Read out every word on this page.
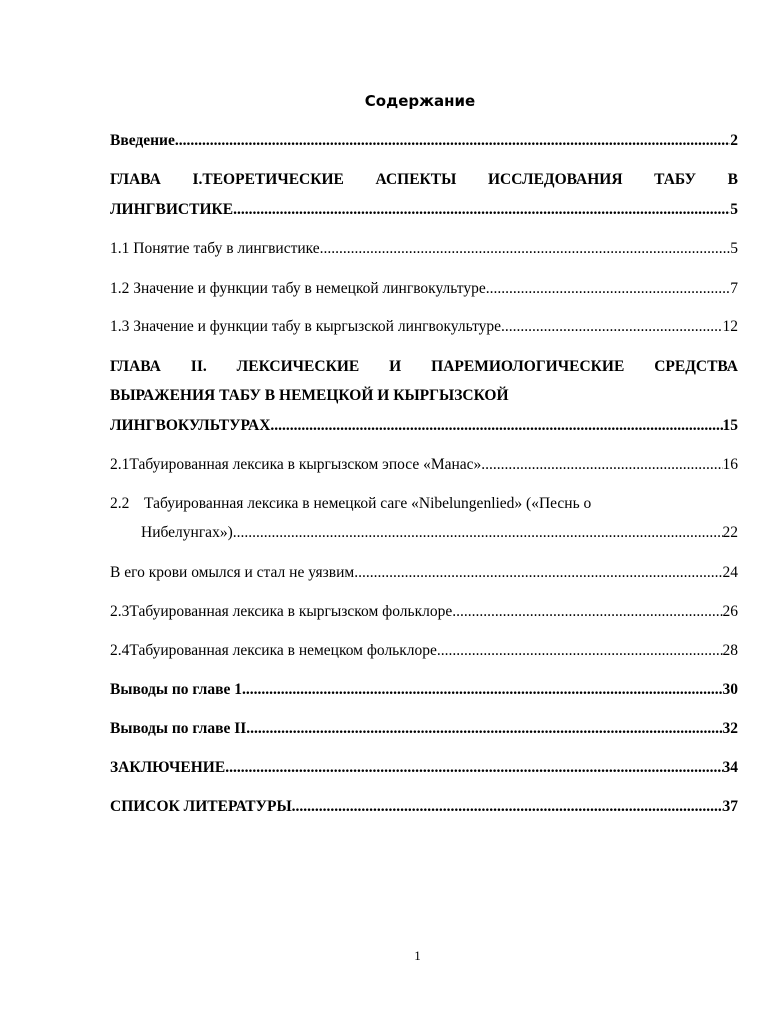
Содержание
Введение .....	2
ГЛАВА I.ТЕОРЕТИЧЕСКИЕ АСПЕКТЫ ИССЛЕДОВАНИЯ ТАБУ В
ЛИНГВИСТИКЕ .....	5
1.1 Понятие табу в лингвистике .....	5
1.2 Значение и функции табу в немецкой лингвокультуре .....	7
1.3 Значение и функции табу в кыргызской лингвокультуре .....	12
ГЛАВА II. ЛЕКСИЧЕСКИЕ И ПАРЕМИОЛОГИЧЕСКИЕ СРЕДСТВА
ВЫРАЖЕНИЯ ТАБУ В НЕМЕЦКОЙ И КЫРГЫЗСКОЙ
ЛИНГВОКУЛЬТУРАХ .....	15
2.1 Табуированная лексика в кыргызском эпосе «Манас» .....	16
2.2 Табуированная лексика в немецкой саге «Nibelungenlied» («Песнь о
Нибелунгах») .....	22
В его крови омылся и стал не уязвим .....	24
2.3 Табуированная лексика в кыргызском фольклоре .....	26
2.4 Табуированная лексика в немецком фольклоре .....	28
Выводы по главе 1 .....	30
Выводы по главе II .....	32
ЗАКЛЮЧЕНИЕ .....	34
СПИСОК ЛИТЕРАТУРЫ .....	37

1
